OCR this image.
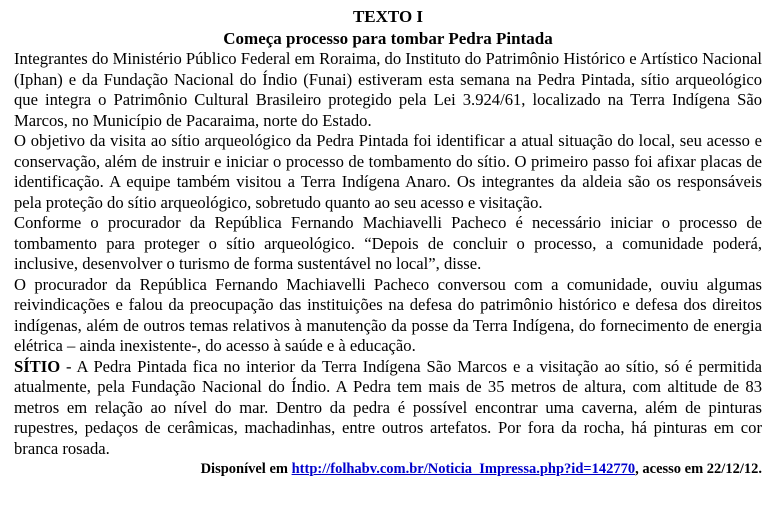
TEXTO I
Começa processo para tombar Pedra Pintada

Integrantes do Ministério Público Federal em Roraima, do Instituto do Patrimônio Histórico e Artístico Nacional (Iphan) e da Fundação Nacional do Índio (Funai) estiveram esta semana na Pedra Pintada, sítio arqueológico que integra o Patrimônio Cultural Brasileiro protegido pela Lei 3.924/61, localizado na Terra Indígena São Marcos, no Município de Pacaraima, norte do Estado.

O objetivo da visita ao sítio arqueológico da Pedra Pintada foi identificar a atual situação do local, seu acesso e conservação, além de instruir e iniciar o processo de tombamento do sítio. O primeiro passo foi afixar placas de identificação. A equipe também visitou a Terra Indígena Anaro. Os integrantes da aldeia são os responsáveis pela proteção do sítio arqueológico, sobretudo quanto ao seu acesso e visitação.

Conforme o procurador da República Fernando Machiavelli Pacheco é necessário iniciar o processo de tombamento para proteger o sítio arqueológico. “Depois de concluir o processo, a comunidade poderá, inclusive, desenvolver o turismo de forma sustentável no local”, disse.

O procurador da República Fernando Machiavelli Pacheco conversou com a comunidade, ouviu algumas reivindicações e falou da preocupação das instituições na defesa do patrimônio histórico e defesa dos direitos indígenas, além de outros temas relativos à manutenção da posse da Terra Indígena, do fornecimento de energia elétrica – ainda inexistente-, do acesso à saúde e à educação.

SÍTIO - A Pedra Pintada fica no interior da Terra Indígena São Marcos e a visitação ao sítio, só é permitida atualmente, pela Fundação Nacional do Índio. A Pedra tem mais de 35 metros de altura, com altitude de 83 metros em relação ao nível do mar. Dentro da pedra é possível encontrar uma caverna, além de pinturas rupestres, pedaços de cerâmicas, machadinhas, entre outros artefatos. Por fora da rocha, há pinturas em cor branca rosada.

Disponível em http://folhabv.com.br/Noticia_Impressa.php?id=142770, acesso em 22/12/12.
